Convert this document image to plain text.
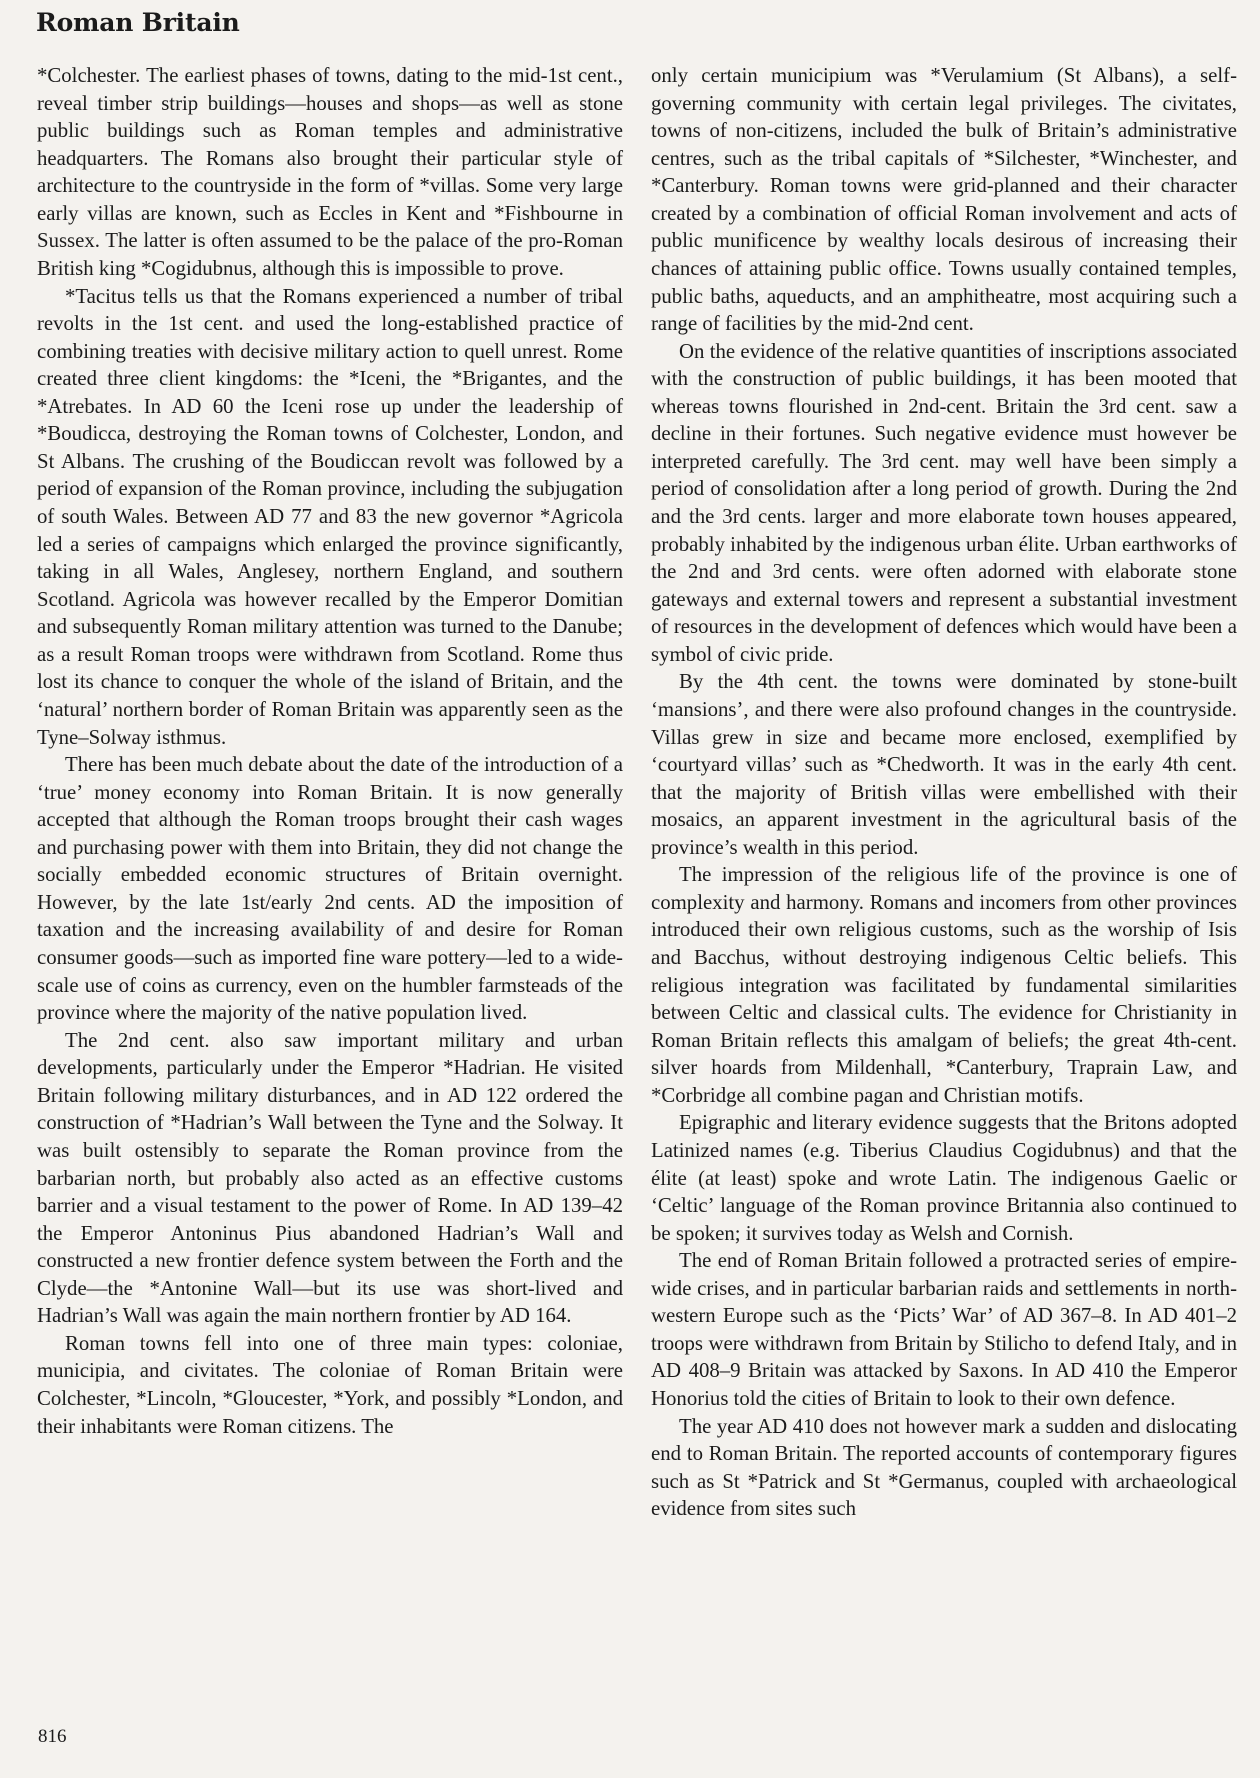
Roman Britain

*Colchester. The earliest phases of towns, dating to the mid-1st cent., reveal timber strip buildings—houses and shops—as well as stone public buildings such as Roman temples and administrative headquarters. The Romans also brought their particular style of architecture to the countryside in the form of *villas. Some very large early villas are known, such as Eccles in Kent and *Fishbourne in Sussex. The latter is often assumed to be the palace of the pro-Roman British king *Cogidubnus, although this is impossible to prove.

*Tacitus tells us that the Romans experienced a number of tribal revolts in the 1st cent. and used the long-established practice of combining treaties with decisive military action to quell unrest. Rome created three client kingdoms: the *Iceni, the *Brigantes, and the *Atrebates. In AD 60 the Iceni rose up under the leadership of *Boudicca, destroying the Roman towns of Colchester, London, and St Albans. The crushing of the Boudiccan revolt was followed by a period of expansion of the Roman province, including the subjugation of south Wales. Between AD 77 and 83 the new governor *Agricola led a series of campaigns which enlarged the province significantly, taking in all Wales, Anglesey, northern England, and southern Scotland. Agricola was however recalled by the Emperor Domitian and subsequently Roman military attention was turned to the Danube; as a result Roman troops were withdrawn from Scotland. Rome thus lost its chance to conquer the whole of the island of Britain, and the ‘natural’ northern border of Roman Britain was apparently seen as the Tyne–Solway isthmus.

There has been much debate about the date of the introduction of a ‘true’ money economy into Roman Britain. It is now generally accepted that although the Roman troops brought their cash wages and purchasing power with them into Britain, they did not change the socially embedded economic structures of Britain overnight. However, by the late 1st/early 2nd cents. AD the imposition of taxation and the increasing availability of and desire for Roman consumer goods—such as imported fine ware pottery—led to a wide-scale use of coins as currency, even on the humbler farmsteads of the province where the majority of the native population lived.

The 2nd cent. also saw important military and urban developments, particularly under the Emperor *Hadrian. He visited Britain following military disturbances, and in AD 122 ordered the construction of *Hadrian’s Wall between the Tyne and the Solway. It was built ostensibly to separate the Roman province from the barbarian north, but probably also acted as an effective customs barrier and a visual testament to the power of Rome. In AD 139–42 the Emperor Antoninus Pius abandoned Hadrian’s Wall and constructed a new frontier defence system between the Forth and the Clyde—the *Antonine Wall—but its use was short-lived and Hadrian’s Wall was again the main northern frontier by AD 164.

Roman towns fell into one of three main types: coloniae, municipia, and civitates. The coloniae of Roman Britain were Colchester, *Lincoln, *Gloucester, *York, and possibly *London, and their inhabitants were Roman citizens. The

only certain municipium was *Verulamium (St Albans), a self-governing community with certain legal privileges. The civitates, towns of non-citizens, included the bulk of Britain’s administrative centres, such as the tribal capitals of *Silchester, *Winchester, and *Canterbury. Roman towns were grid-planned and their character created by a combination of official Roman involvement and acts of public munificence by wealthy locals desirous of increasing their chances of attaining public office. Towns usually contained temples, public baths, aqueducts, and an amphitheatre, most acquiring such a range of facilities by the mid-2nd cent.

On the evidence of the relative quantities of inscriptions associated with the construction of public buildings, it has been mooted that whereas towns flourished in 2nd-cent. Britain the 3rd cent. saw a decline in their fortunes. Such negative evidence must however be interpreted carefully. The 3rd cent. may well have been simply a period of consolidation after a long period of growth. During the 2nd and the 3rd cents. larger and more elaborate town houses appeared, probably inhabited by the indigenous urban élite. Urban earthworks of the 2nd and 3rd cents. were often adorned with elaborate stone gateways and external towers and represent a substantial investment of resources in the development of defences which would have been a symbol of civic pride.

By the 4th cent. the towns were dominated by stone-built ‘mansions’, and there were also profound changes in the countryside. Villas grew in size and became more enclosed, exemplified by ‘courtyard villas’ such as *Chedworth. It was in the early 4th cent. that the majority of British villas were embellished with their mosaics, an apparent investment in the agricultural basis of the province’s wealth in this period.

The impression of the religious life of the province is one of complexity and harmony. Romans and incomers from other provinces introduced their own religious customs, such as the worship of Isis and Bacchus, without destroying indigenous Celtic beliefs. This religious integration was facilitated by fundamental similarities between Celtic and classical cults. The evidence for Christianity in Roman Britain reflects this amalgam of beliefs; the great 4th-cent. silver hoards from Mildenhall, *Canterbury, Traprain Law, and *Corbridge all combine pagan and Christian motifs.

Epigraphic and literary evidence suggests that the Britons adopted Latinized names (e.g. Tiberius Claudius Cogidubnus) and that the élite (at least) spoke and wrote Latin. The indigenous Gaelic or ‘Celtic’ language of the Roman province Britannia also continued to be spoken; it survives today as Welsh and Cornish.

The end of Roman Britain followed a protracted series of empire-wide crises, and in particular barbarian raids and settlements in north-western Europe such as the ‘Picts’ War’ of AD 367–8. In AD 401–2 troops were withdrawn from Britain by Stilicho to defend Italy, and in AD 408–9 Britain was attacked by Saxons. In AD 410 the Emperor Honorius told the cities of Britain to look to their own defence.

The year AD 410 does not however mark a sudden and dislocating end to Roman Britain. The reported accounts of contemporary figures such as St *Patrick and St *Germanus, coupled with archaeological evidence from sites such

816
